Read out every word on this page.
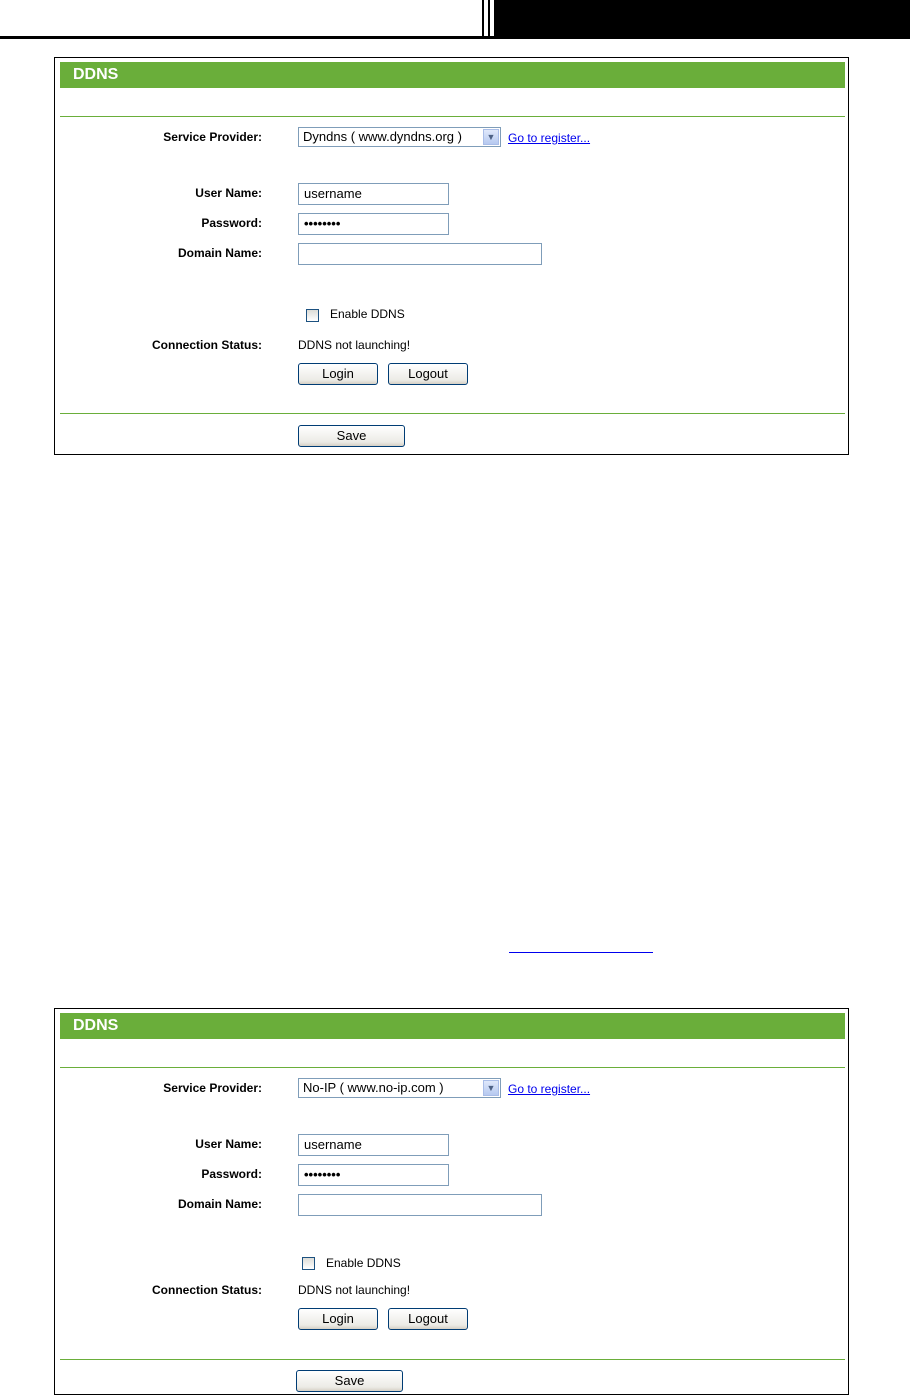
DDNS
Service Provider:	Dyndns ( www.dyndns.org )	▼ Go to register...
User Name:	username
Password:	••••••••
Domain Name:
Enable DDNS
Connection Status:	DDNS not launching!
Login	Logout
Save
DDNS
Service Provider:	No-IP ( www.no-ip.com )	▼ Go to register...
User Name:	username
Password:	••••••••
Domain Name:
Enable DDNS
Connection Status:	DDNS not launching!
Login	Logout
Save
